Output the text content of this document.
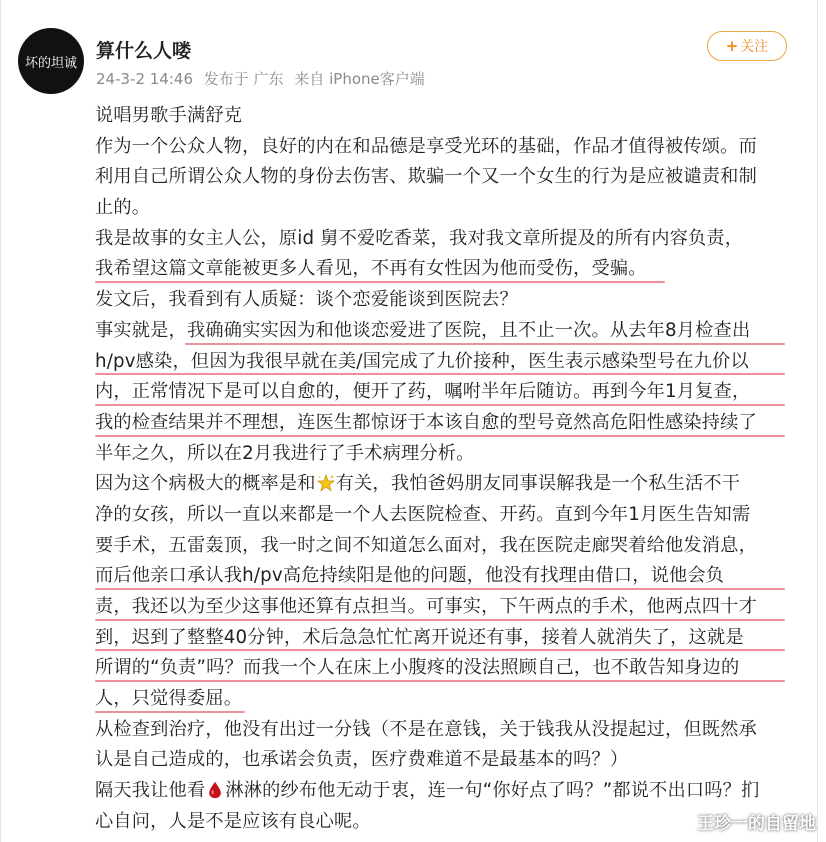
坏的坦诚
算什么人喽
24-3-2 14:46 发布于 广东 来自 iPhone客户端
+ 关注
说唱男歌手满舒克
作为一个公众人物，良好的内在和品德是享受光环的基础，作品才值得被传颂。而
利用自己所谓公众人物的身份去伤害、欺骗一个又一个女生的行为是应被谴责和制
止的。
我是故事的女主人公，原id 舅不爱吃香菜，我对我文章所提及的所有内容负责，
我希望这篇文章能被更多人看见，不再有女性因为他而受伤，受骗。
发文后，我看到有人质疑：谈个恋爱能谈到医院去？
事实就是，我确确实实因为和他谈恋爱进了医院，且不止一次。从去年8月检查出
h/pv感染，但因为我很早就在美/国完成了九价接种，医生表示感染型号在九价以
内，正常情况下是可以自愈的，便开了药，嘱咐半年后随访。再到今年1月复查，
我的检查结果并不理想，连医生都惊讶于本该自愈的型号竟然高危阳性感染持续了
半年之久，所以在2月我进行了手术病理分析。
因为这个病极大的概率是和 有关，我怕爸妈朋友同事误解我是一个私生活不干
净的女孩，所以一直以来都是一个人去医院检查、开药。直到今年1月医生告知需
要手术，五雷轰顶，我一时之间不知道怎么面对，我在医院走廊哭着给他发消息，
而后他亲口承认我h/pv高危持续阳是他的问题，他没有找理由借口，说他会负
责，我还以为至少这事他还算有点担当。可事实，下午两点的手术，他两点四十才
到，迟到了整整40分钟，术后急急忙忙离开说还有事，接着人就消失了，这就是
所谓的“负责”吗？而我一个人在床上小腹疼的没法照顾自己，也不敢告知身边的
人，只觉得委屈。
从检查到治疗，他没有出过一分钱（不是在意钱，关于钱我从没提起过，但既然承
认是自己造成的，也承诺会负责，医疗费难道不是最基本的吗？）
隔天我让他看 淋淋的纱布他无动于衷，连一句“你好点了吗？”都说不出口吗？扪
心自问，人是不是应该有良心呢。	王珍一的自留地
